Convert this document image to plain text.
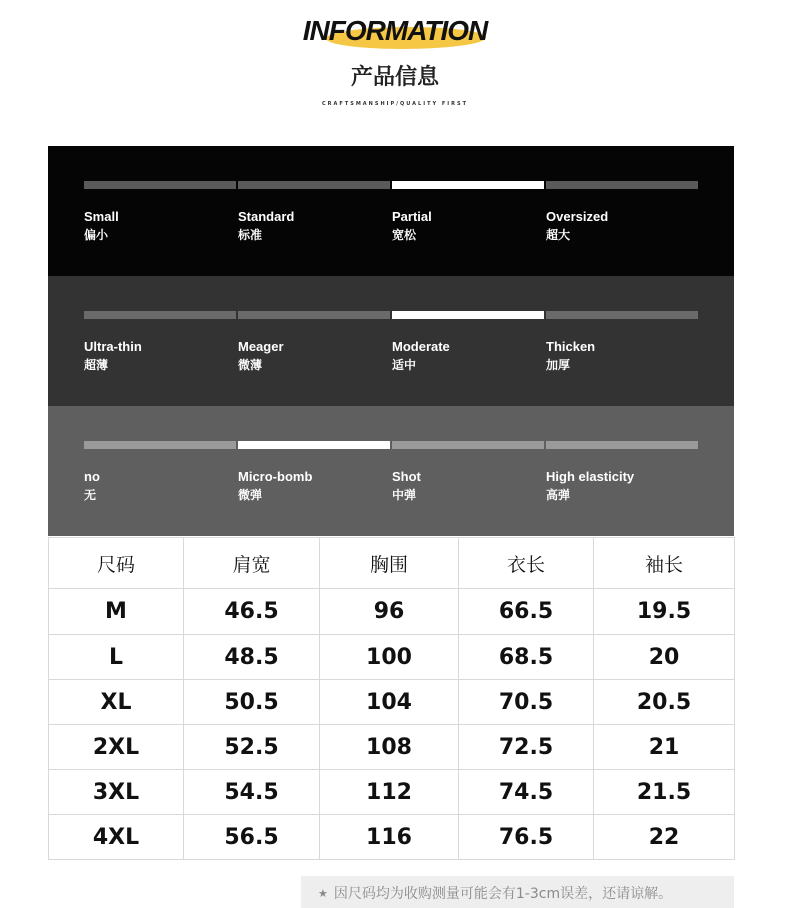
INFORMATION
产品信息
CRAFTSMANSHIP/QUALITY FIRST
Small
偏小
Standard
标准
Partial
宽松
Oversized
超大
Ultra-thin
超薄
Meager
微薄
Moderate
适中
Thicken
加厚
no
无
Micro-bomb
微弹
Shot
中弹
High elasticity
高弹
尺码	肩宽	胸围	衣长	袖长
M	46.5	96	66.5	19.5
L	48.5	100	68.5	20
XL	50.5	104	70.5	20.5
2XL	52.5	108	72.5	21
3XL	54.5	112	74.5	21.5
4XL	56.5	116	76.5	22
★ 因尺码均为收购测量可能会有1-3cm误差，还请谅解。
